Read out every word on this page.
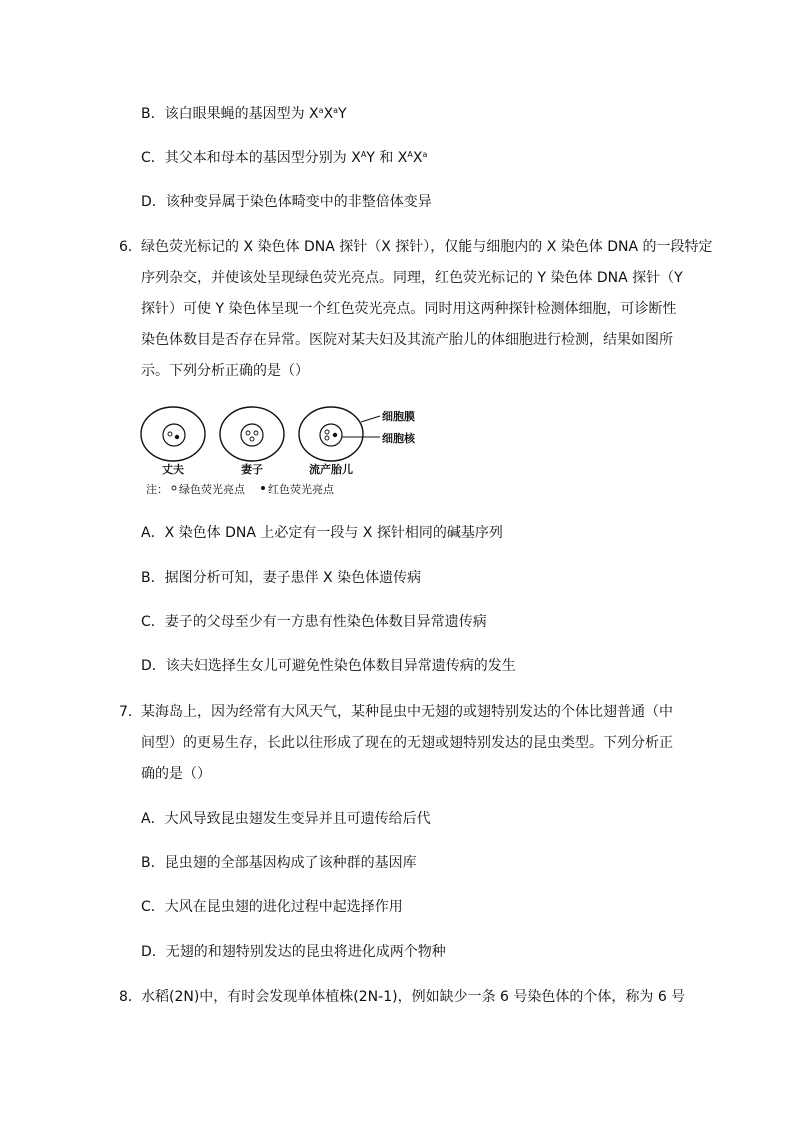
B．该白眼果蝇的基因型为 $X^aX^aY$
C．其父本和母本的基因型分别为 $X^AY$ 和 $X^AX^a$
D．该种变异属于染色体畸变中的非整倍体变异
6． 绿色荧光标记的 X 染色体 DNA 探针（X 探针），仅能与细胞内的 X 染色体 DNA 的一段特定
序列杂交，并使该处呈现绿色荧光亮点。同理，红色荧光标记的 Y 染色体 DNA 探针（Y
探针）可使 Y 染色体呈现一个红色荧光亮点。同时用这两种探针检测体细胞，可诊断性
染色体数目是否存在异常。医院对某夫妇及其流产胎儿的体细胞进行检测，结果如图所
示。下列分析正确的是（）
丈夫	妻子	流产胎儿
细胞膜
细胞核
注： 绿色荧光亮点 红色荧光亮点
A．X 染色体 DNA 上必定有一段与 X 探针相同的碱基序列
B．据图分析可知，妻子患伴 X 染色体遗传病
C．妻子的父母至少有一方患有性染色体数目异常遗传病
D．该夫妇选择生女儿可避免性染色体数目异常遗传病的发生
7． 某海岛上，因为经常有大风天气，某种昆虫中无翅的或翅特别发达的个体比翅普通（中
间型）的更易生存，长此以往形成了现在的无翅或翅特别发达的昆虫类型。下列分析正
确的是（）
A．大风导致昆虫翅发生变异并且可遗传给后代
B．昆虫翅的全部基因构成了该种群的基因库
C．大风在昆虫翅的进化过程中起选择作用
D．无翅的和翅特别发达的昆虫将进化成两个物种
8． 水稻(2N)中，有时会发现单体植株(2N-1)，例如缺少一条 6 号染色体的个体，称为 6 号
